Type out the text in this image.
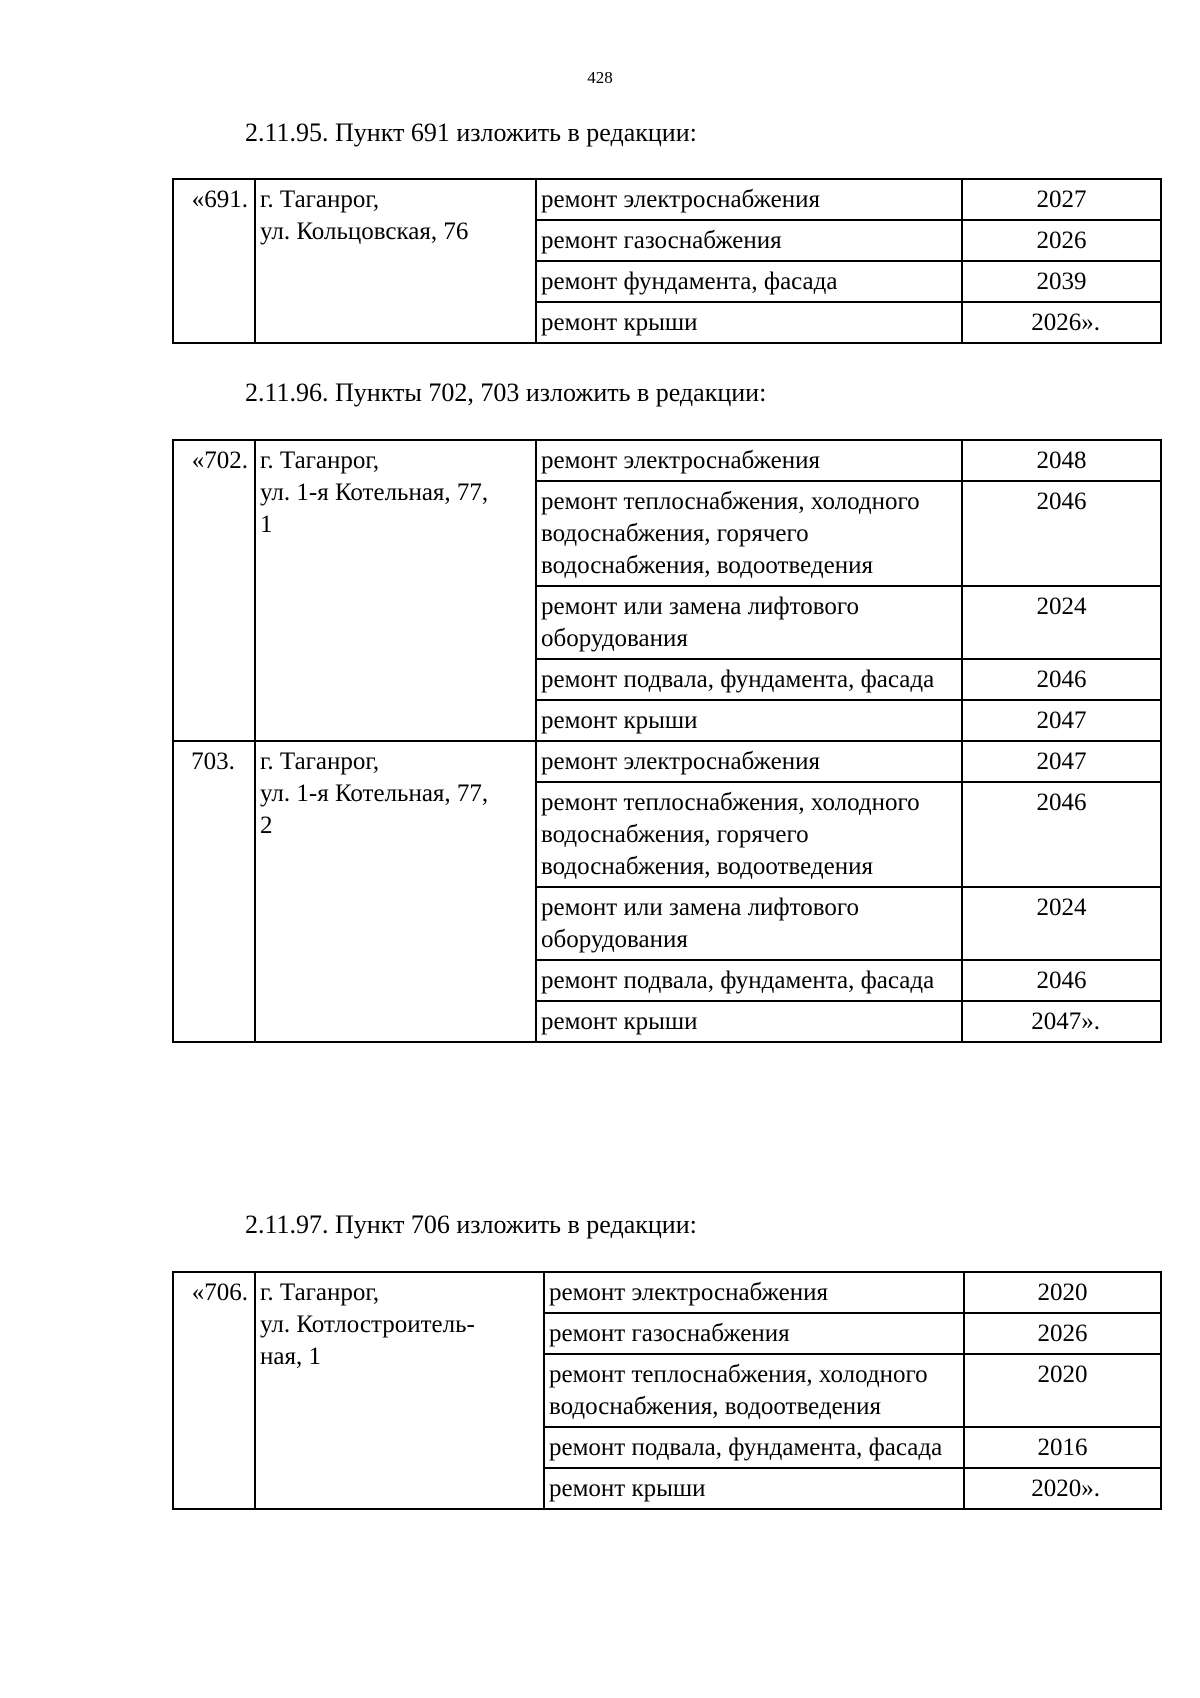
428
2.11.95. Пункт 691 изложить в редакции:
«691.	г. Таганрог,
ул. Кольцовская, 76	ремонт электроснабжения	2027
		ремонт газоснабжения	2026
		ремонт фундамента, фасада	2039
		ремонт крыши	2026».
2.11.96. Пункты 702, 703 изложить в редакции:
«702.	г. Таганрог,
ул. 1-я Котельная, 77,
1	ремонт электроснабжения	2048
		ремонт теплоснабжения, холодного водоснабжения, горячего водоснабжения, водоотведения	2046
		ремонт или замена лифтового оборудования	2024
		ремонт подвала, фундамента, фасада	2046
		ремонт крыши	2047
703.	г. Таганрог,
ул. 1-я Котельная, 77,
2	ремонт электроснабжения	2047
		ремонт теплоснабжения, холодного водоснабжения, горячего водоснабжения, водоотведения	2046
		ремонт или замена лифтового оборудования	2024
		ремонт подвала, фундамента, фасада	2046
		ремонт крыши	2047».
2.11.97. Пункт 706 изложить в редакции:
«706.	г. Таганрог,
ул. Котлостроитель-
ная, 1	ремонт электроснабжения	2020
		ремонт газоснабжения	2026
		ремонт теплоснабжения, холодного водоснабжения, водоотведения	2020
		ремонт подвала, фундамента, фасада	2016
		ремонт крыши	2020».
